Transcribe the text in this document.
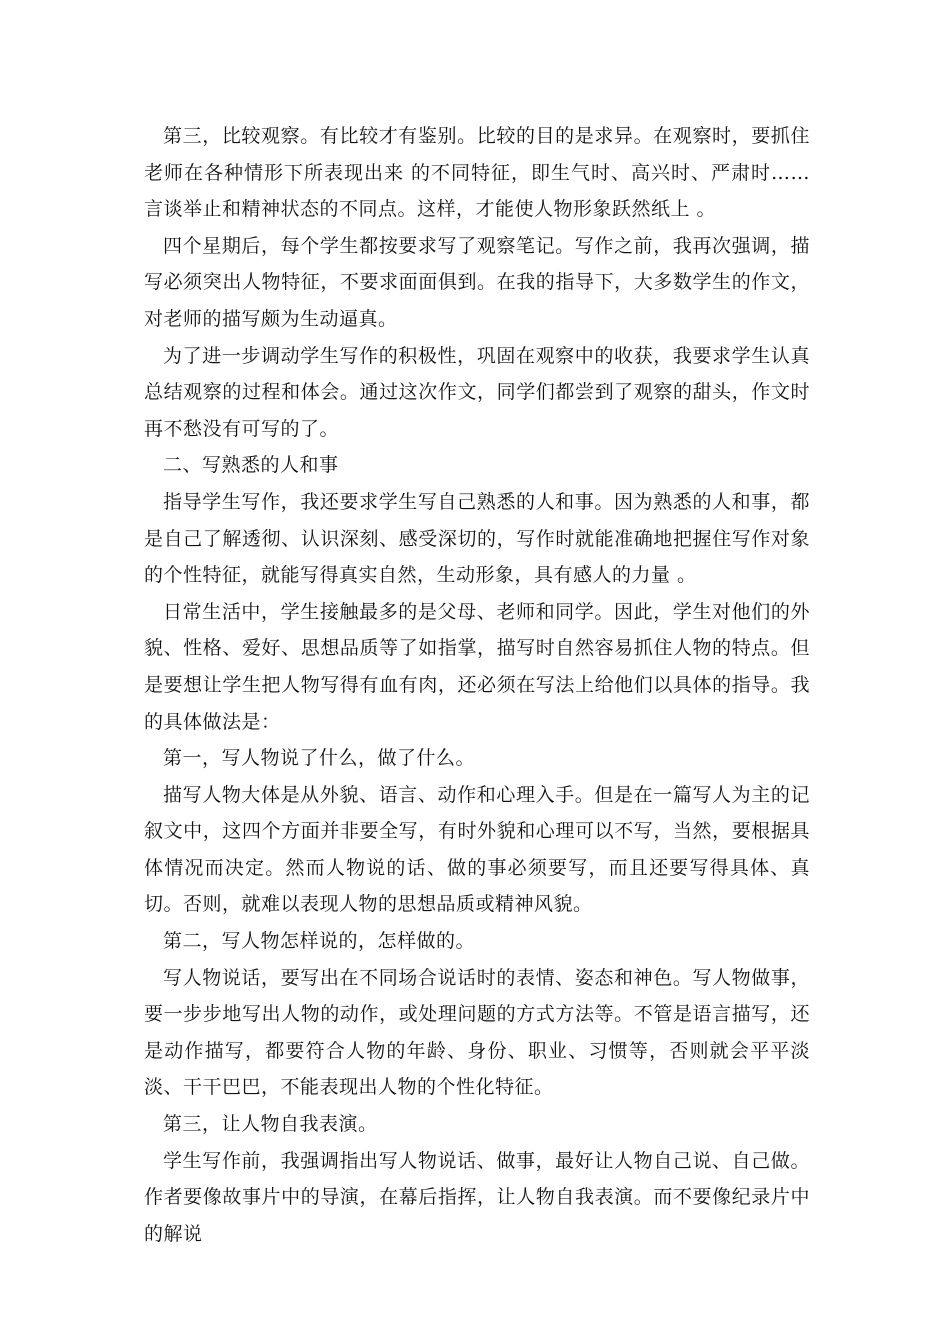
第三，比较观察。有比较才有鉴别。比较的目的是求异。在观察时，要抓住老师在各种情形下所表现出来 的不同特征，即生气时、高兴时、严肃时……言谈举止和精神状态的不同点。这样，才能使人物形象跃然纸上 。

四个星期后，每个学生都按要求写了观察笔记。写作之前，我再次强调，描写必须突出人物特征，不要求面面俱到。在我的指导下，大多数学生的作文，对老师的描写颇为生动逼真。

为了进一步调动学生写作的积极性，巩固在观察中的收获，我要求学生认真总结观察的过程和体会。通过这次作文，同学们都尝到了观察的甜头，作文时再不愁没有可写的了。

二、写熟悉的人和事

指导学生写作，我还要求学生写自己熟悉的人和事。因为熟悉的人和事，都是自己了解透彻、认识深刻、感受深切的，写作时就能准确地把握住写作对象的个性特征，就能写得真实自然，生动形象，具有感人的力量 。

日常生活中，学生接触最多的是父母、老师和同学。因此，学生对他们的外貌、性格、爱好、思想品质等了如指掌，描写时自然容易抓住人物的特点。但是要想让学生把人物写得有血有肉，还必须在写法上给他们以具体的指导。我的具体做法是：

第一，写人物说了什么，做了什么。

描写人物大体是从外貌、语言、动作和心理入手。但是在一篇写人为主的记叙文中，这四个方面并非要全写，有时外貌和心理可以不写，当然，要根据具体情况而决定。然而人物说的话、做的事必须要写，而且还要写得具体、真切。否则，就难以表现人物的思想品质或精神风貌。

第二，写人物怎样说的，怎样做的。

写人物说话，要写出在不同场合说话时的表情、姿态和神色。写人物做事，要一步步地写出人物的动作，或处理问题的方式方法等。不管是语言描写，还是动作描写，都要符合人物的年龄、身份、职业、习惯等，否则就会平平淡淡、干干巴巴，不能表现出人物的个性化特征。

第三，让人物自我表演。

学生写作前，我强调指出写人物说话、做事，最好让人物自己说、自己做。作者要像故事片中的导演，在幕后指挥，让人物自我表演。而不要像纪录片中的解说
